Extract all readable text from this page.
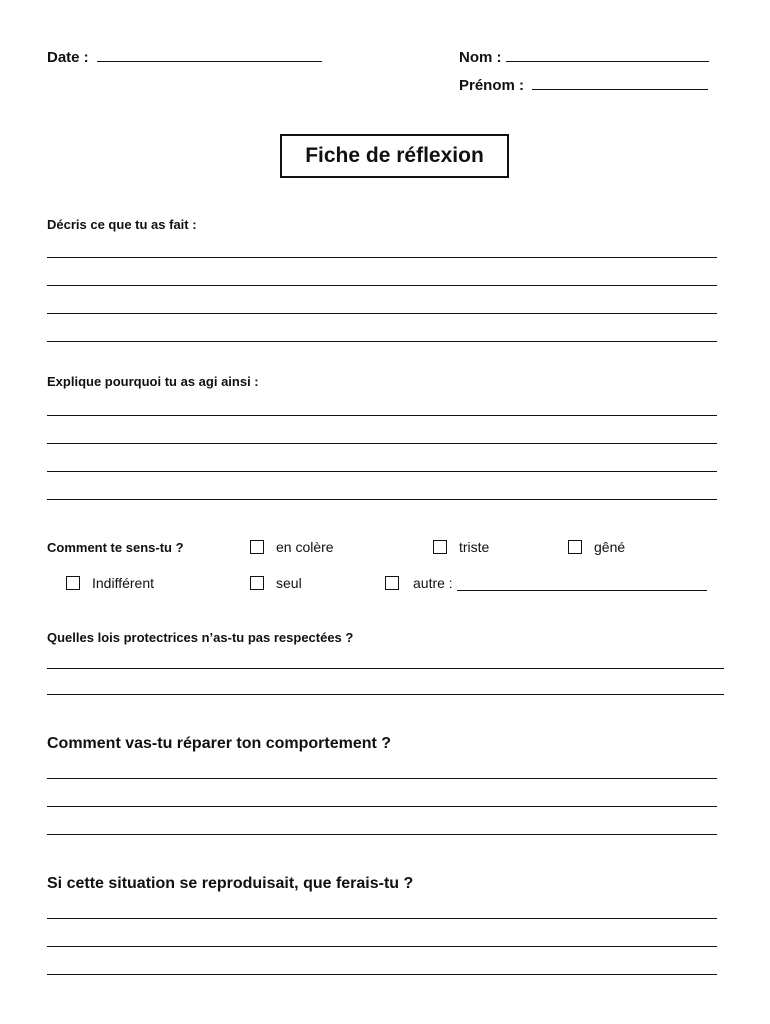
Date :	Nom :
Prénom :
Fiche de réflexion
Décris ce que tu as fait :
Explique pourquoi tu as agi ainsi :
Comment te sens-tu ?	en colère	triste	gêné
Indifférent	seul	autre :
Quelles lois protectrices n’as-tu pas respectées ?
Comment vas-tu réparer ton comportement ?
Si cette situation se reproduisait, que ferais-tu ?
